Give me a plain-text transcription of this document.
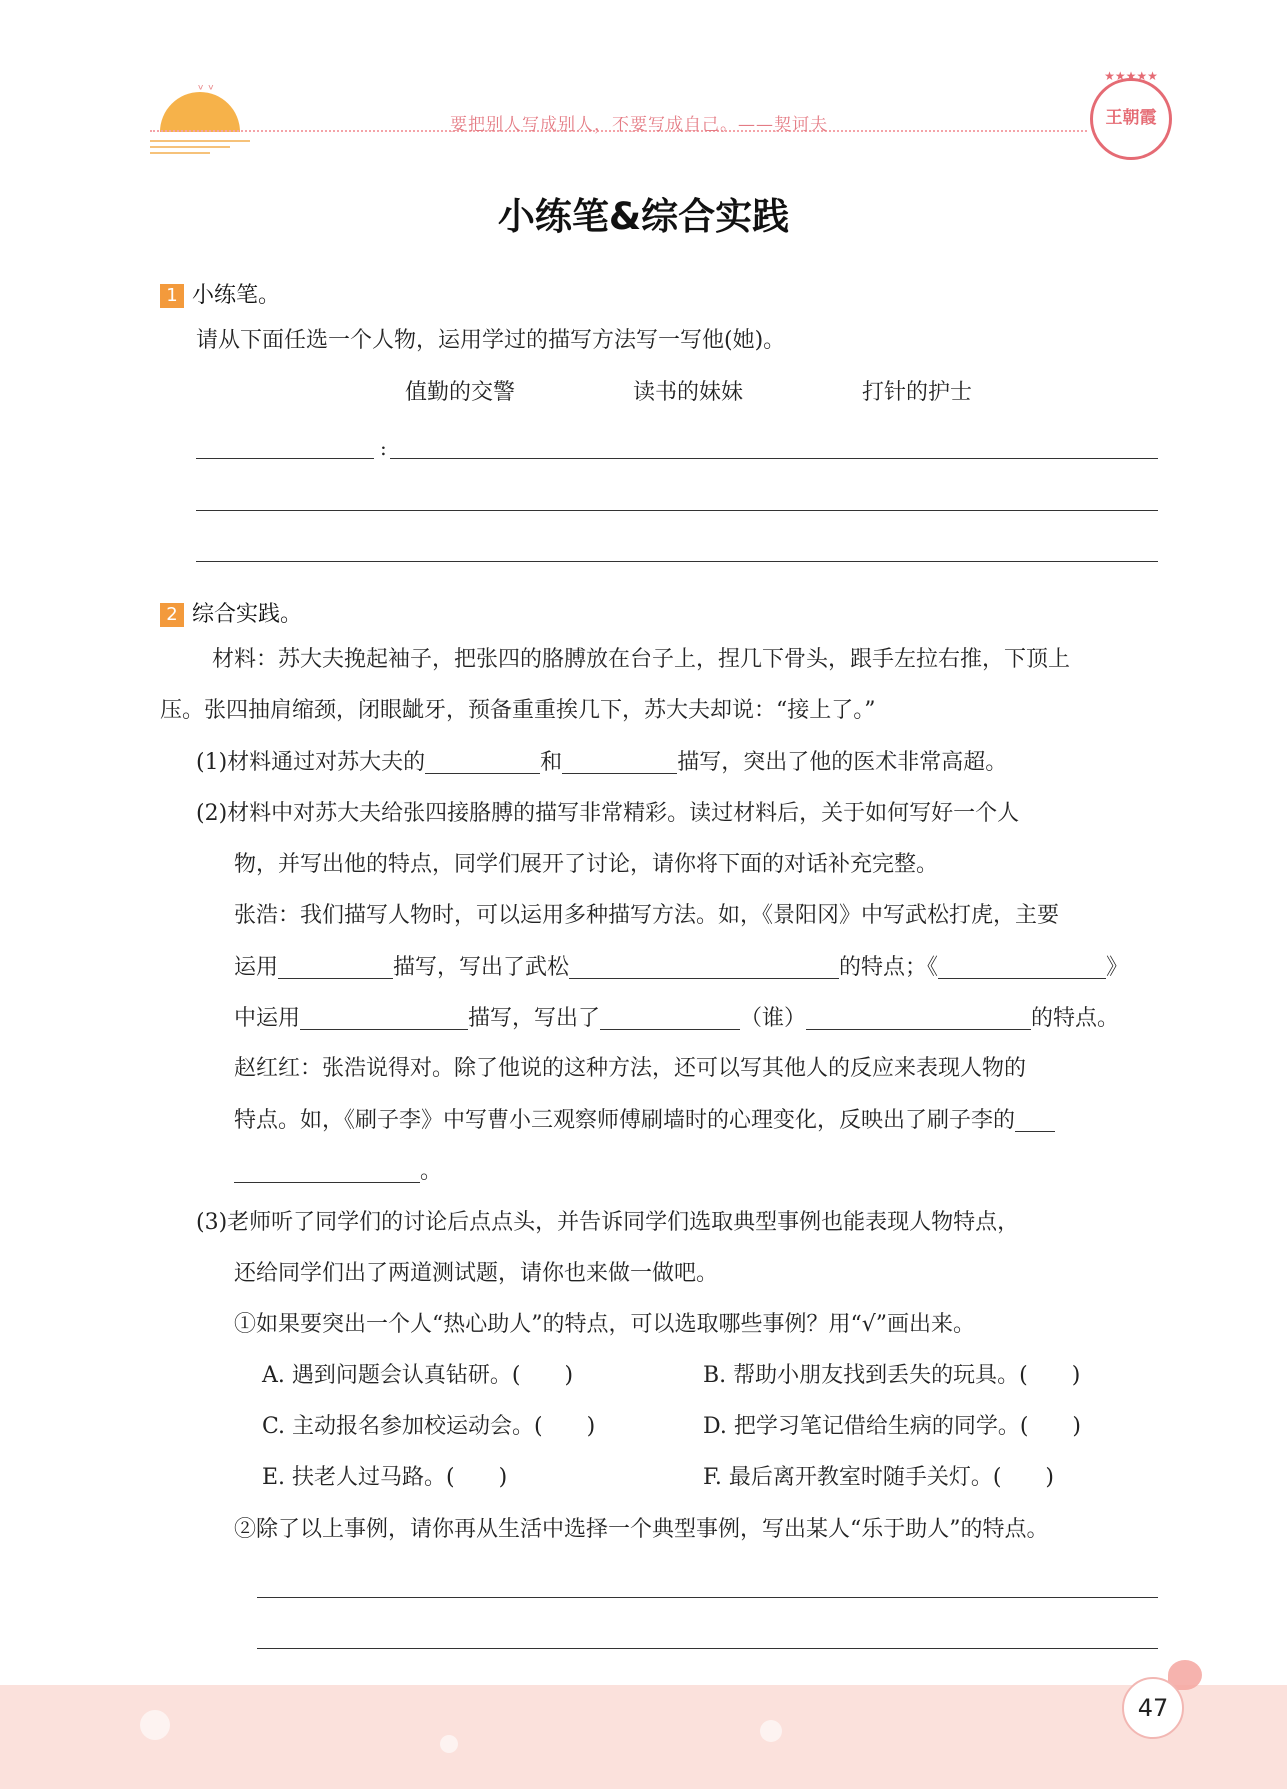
ᵛ ᵛ
要把别人写成别人，不要写成自己。——契诃夫
★★★★★
王朝霞
小练笔&综合实践
1 小练笔。
请从下面任选一个人物，运用学过的描写方法写一写他(她)。
值勤的交警	读书的妹妹	打针的护士
:
2 综合实践。
材料：苏大夫挽起袖子，把张四的胳膊放在台子上，捏几下骨头，跟手左拉右推，下顶上
压。张四抽肩缩颈，闭眼龇牙，预备重重挨几下，苏大夫却说：“接上了。”
(1)材料通过对苏大夫的	和	描写，突出了他的医术非常高超。
(2)材料中对苏大夫给张四接胳膊的描写非常精彩。读过材料后，关于如何写好一个人
物，并写出他的特点，同学们展开了讨论，请你将下面的对话补充完整。
张浩：我们描写人物时，可以运用多种描写方法。如，《景阳冈》中写武松打虎，主要
运用	描写，写出了武松	的特点；《	》
中运用	描写，写出了	（谁）	的特点。
赵红红：张浩说得对。除了他说的这种方法，还可以写其他人的反应来表现人物的
特点。如，《刷子李》中写曹小三观察师傅刷墙时的心理变化，反映出了刷子李的
。
(3)老师听了同学们的讨论后点点头，并告诉同学们选取典型事例也能表现人物特点，
还给同学们出了两道测试题，请你也来做一做吧。
①如果要突出一个人“热心助人”的特点，可以选取哪些事例？用“√”画出来。
A. 遇到问题会认真钻研。(　　)	B. 帮助小朋友找到丢失的玩具。(　　)
C. 主动报名参加校运动会。(　　)	D. 把学习笔记借给生病的同学。(　　)
E. 扶老人过马路。(　　)	F. 最后离开教室时随手关灯。(　　)
②除了以上事例，请你再从生活中选择一个典型事例，写出某人“乐于助人”的特点。
47
